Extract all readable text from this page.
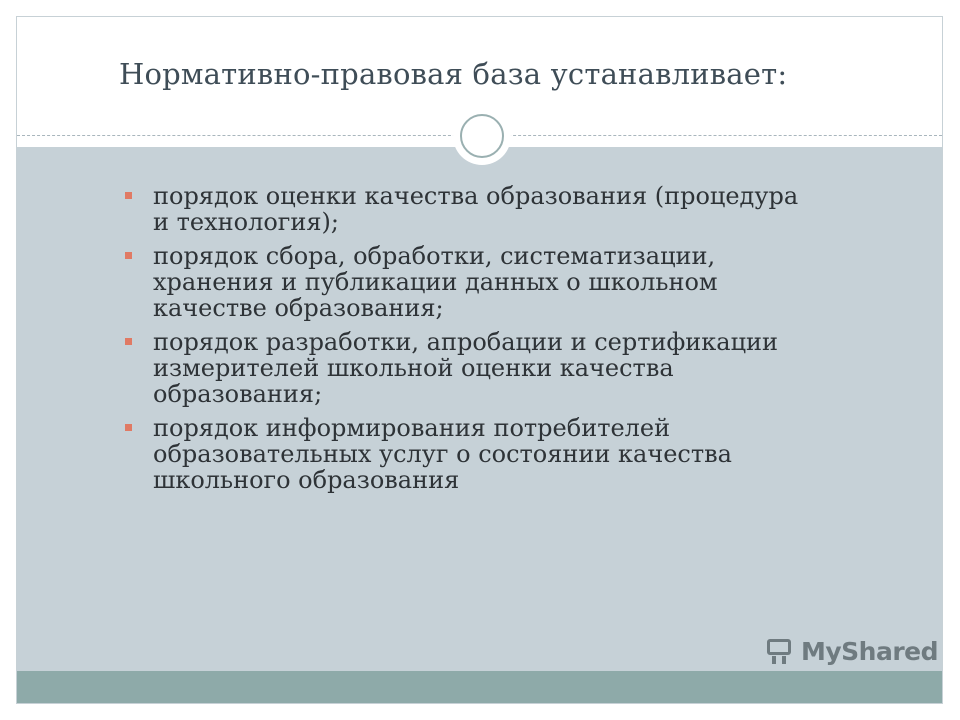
Нормативно-правовая база устанавливает:
порядок оценки качества образования (процедура
и технология);
порядок сбора, обработки, систематизации,
хранения и публикации данных о школьном
качестве образования;
порядок разработки, апробации и сертификации
измерителей школьной оценки качества
образования;
порядок информирования потребителей
образовательных услуг о состоянии качества
школьного образования
MyShared
